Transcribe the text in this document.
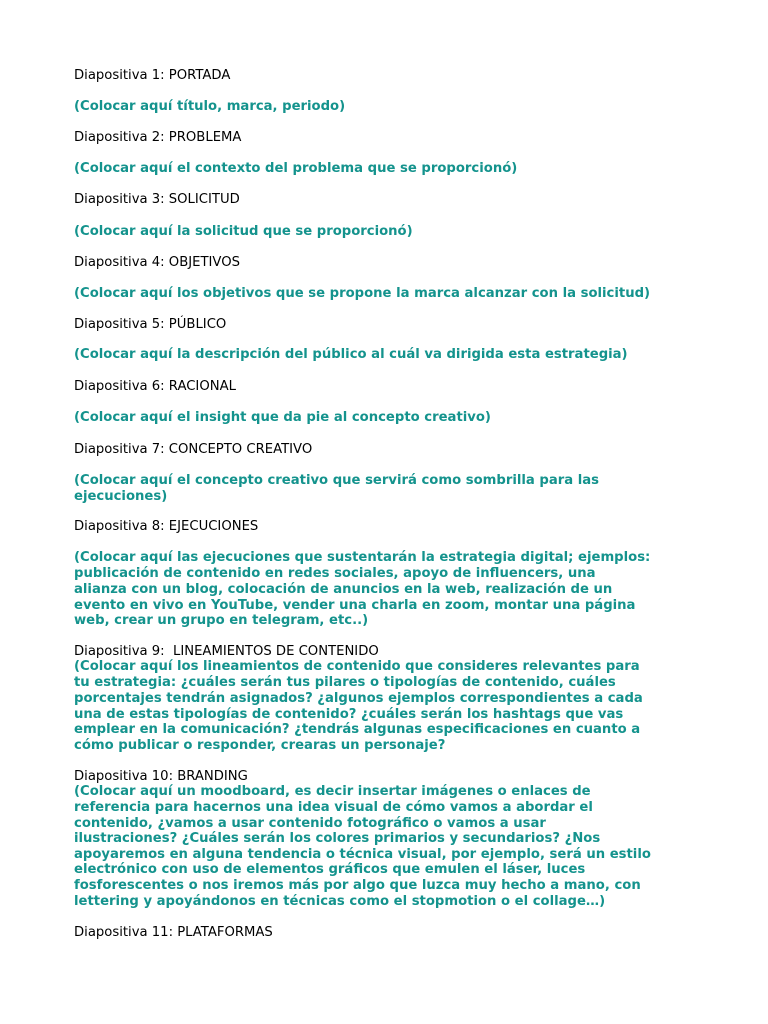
Diapositiva 1: PORTADA

(Colocar aquí título, marca, periodo)

Diapositiva 2: PROBLEMA

(Colocar aquí el contexto del problema que se proporcionó)

Diapositiva 3: SOLICITUD

(Colocar aquí la solicitud que se proporcionó)

Diapositiva 4: OBJETIVOS

(Colocar aquí los objetivos que se propone la marca alcanzar con la solicitud)

Diapositiva 5: PÚBLICO

(Colocar aquí la descripción del público al cuál va dirigida esta estrategia)

Diapositiva 6: RACIONAL

(Colocar aquí el insight que da pie al concepto creativo)

Diapositiva 7: CONCEPTO CREATIVO

(Colocar aquí el concepto creativo que servirá como sombrilla para las

ejecuciones)

Diapositiva 8: EJECUCIONES

(Colocar aquí las ejecuciones que sustentarán la estrategia digital; ejemplos:

publicación de contenido en redes sociales, apoyo de influencers, una

alianza con un blog, colocación de anuncios en la web, realización de un

evento en vivo en YouTube, vender una charla en zoom, montar una página

web, crear un grupo en telegram, etc..)

Diapositiva 9:  LINEAMIENTOS DE CONTENIDO

(Colocar aquí los lineamientos de contenido que consideres relevantes para

tu estrategia: ¿cuáles serán tus pilares o tipologías de contenido, cuáles

porcentajes tendrán asignados? ¿algunos ejemplos correspondientes a cada

una de estas tipologías de contenido? ¿cuáles serán los hashtags que vas

emplear en la comunicación? ¿tendrás algunas especificaciones en cuanto a

cómo publicar o responder, crearas un personaje?

Diapositiva 10: BRANDING

(Colocar aquí un moodboard, es decir insertar imágenes o enlaces de

referencia para hacernos una idea visual de cómo vamos a abordar el

contenido, ¿vamos a usar contenido fotográfico o vamos a usar

ilustraciones? ¿Cuáles serán los colores primarios y secundarios? ¿Nos

apoyaremos en alguna tendencia o técnica visual, por ejemplo, será un estilo

electrónico con uso de elementos gráficos que emulen el láser, luces

fosforescentes o nos iremos más por algo que luzca muy hecho a mano, con

lettering y apoyándonos en técnicas como el stopmotion o el collage…)

Diapositiva 11: PLATAFORMAS
